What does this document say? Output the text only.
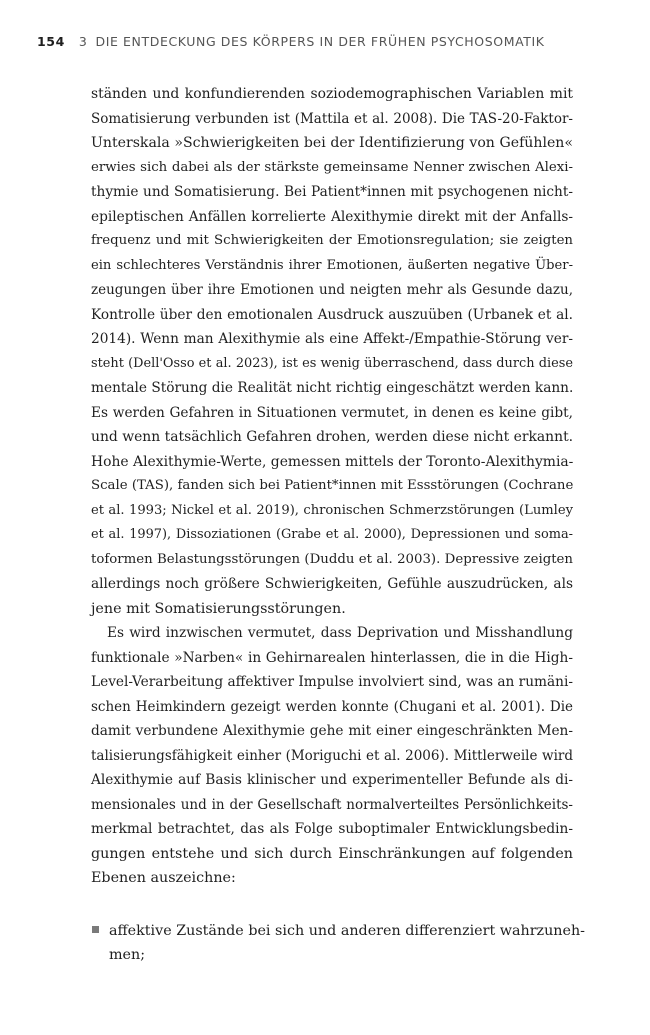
154 3 DIE ENTDECKUNG DES KÖRPERS IN DER FRÜHEN PSYCHOSOMATIK
ständen und konfundierenden soziodemographischen Variablen mit
Somatisierung verbunden ist (Mattila et al. 2008). Die TAS-20-Faktor-
Unterskala »Schwierigkeiten bei der Identifizierung von Gefühlen«
erwies sich dabei als der stärkste gemeinsame Nenner zwischen Alexi-
thymie und Somatisierung. Bei Patient*innen mit psychogenen nicht-
epileptischen Anfällen korrelierte Alexithymie direkt mit der Anfalls-
frequenz und mit Schwierigkeiten der Emotionsregulation; sie zeigten
ein schlechteres Verständnis ihrer Emotionen, äußerten negative Über-
zeugungen über ihre Emotionen und neigten mehr als Gesunde dazu,
Kontrolle über den emotionalen Ausdruck auszuüben (Urbanek et al.
2014). Wenn man Alexithymie als eine Affekt-/Empathie-Störung ver-
steht (Dell'Osso et al. 2023), ist es wenig überraschend, dass durch diese
mentale Störung die Realität nicht richtig eingeschätzt werden kann.
Es werden Gefahren in Situationen vermutet, in denen es keine gibt,
und wenn tatsächlich Gefahren drohen, werden diese nicht erkannt.
Hohe Alexithymie-Werte, gemessen mittels der Toronto-Alexithymia-
Scale (TAS), fanden sich bei Patient*innen mit Essstörungen (Cochrane
et al. 1993; Nickel et al. 2019), chronischen Schmerzstörungen (Lumley
et al. 1997), Dissoziationen (Grabe et al. 2000), Depressionen und soma-
toformen Belastungsstörungen (Duddu et al. 2003). Depressive zeigten
allerdings noch größere Schwierigkeiten, Gefühle auszudrücken, als
jene mit Somatisierungsstörungen.
Es wird inzwischen vermutet, dass Deprivation und Misshandlung
funktionale »Narben« in Gehirnarealen hinterlassen, die in die High-
Level-Verarbeitung affektiver Impulse involviert sind, was an rumäni-
schen Heimkindern gezeigt werden konnte (Chugani et al. 2001). Die
damit verbundene Alexithymie gehe mit einer eingeschränkten Men-
talisierungsfähigkeit einher (Moriguchi et al. 2006). Mittlerweile wird
Alexithymie auf Basis klinischer und experimenteller Befunde als di-
mensionales und in der Gesellschaft normalverteiltes Persönlichkeits-
merkmal betrachtet, das als Folge suboptimaler Entwicklungsbedin-
gungen entstehe und sich durch Einschränkungen auf folgenden
Ebenen auszeichne:
affektive Zustände bei sich und anderen differenziert wahrzuneh-
men;
